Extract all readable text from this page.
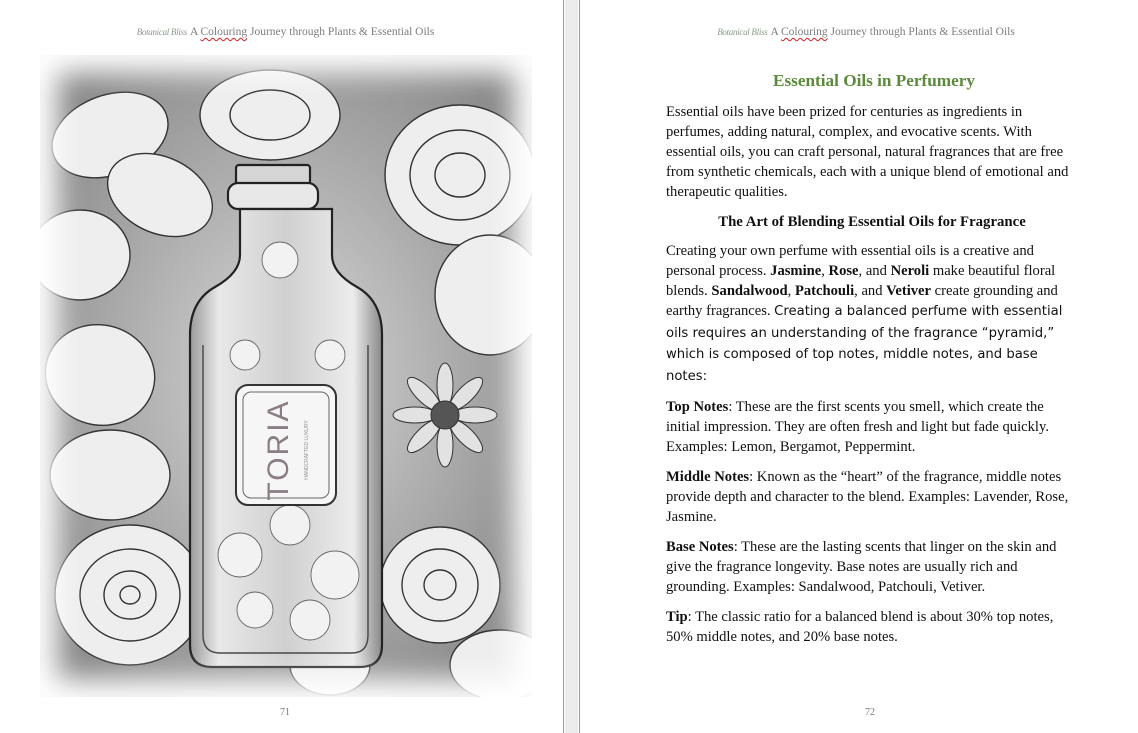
Botanical Bliss A Colouring Journey through Plants & Essential Oils
TORIA HANDCRAFTED LUXURY
71
Botanical Bliss A Colouring Journey through Plants & Essential Oils
Essential Oils in Perfumery

Essential oils have been prized for centuries as ingredients in perfumes, adding natural, complex, and evocative scents. With essential oils, you can craft personal, natural fragrances that are free from synthetic chemicals, each with a unique blend of emotional and therapeutic qualities.

The Art of Blending Essential Oils for Fragrance

Creating your own perfume with essential oils is a creative and personal process. Jasmine, Rose, and Neroli make beautiful floral blends. Sandalwood, Patchouli, and Vetiver create grounding and earthy fragrances. Creating a balanced perfume with essential oils requires an understanding of the fragrance “pyramid,” which is composed of top notes, middle notes, and base notes:

Top Notes: These are the first scents you smell, which create the initial impression. They are often fresh and light but fade quickly. Examples: Lemon, Bergamot, Peppermint.

Middle Notes: Known as the “heart” of the fragrance, middle notes provide depth and character to the blend. Examples: Lavender, Rose, Jasmine.

Base Notes: These are the lasting scents that linger on the skin and give the fragrance longevity. Base notes are usually rich and grounding. Examples: Sandalwood, Patchouli, Vetiver.

Tip: The classic ratio for a balanced blend is about 30% top notes, 50% middle notes, and 20% base notes.

72
